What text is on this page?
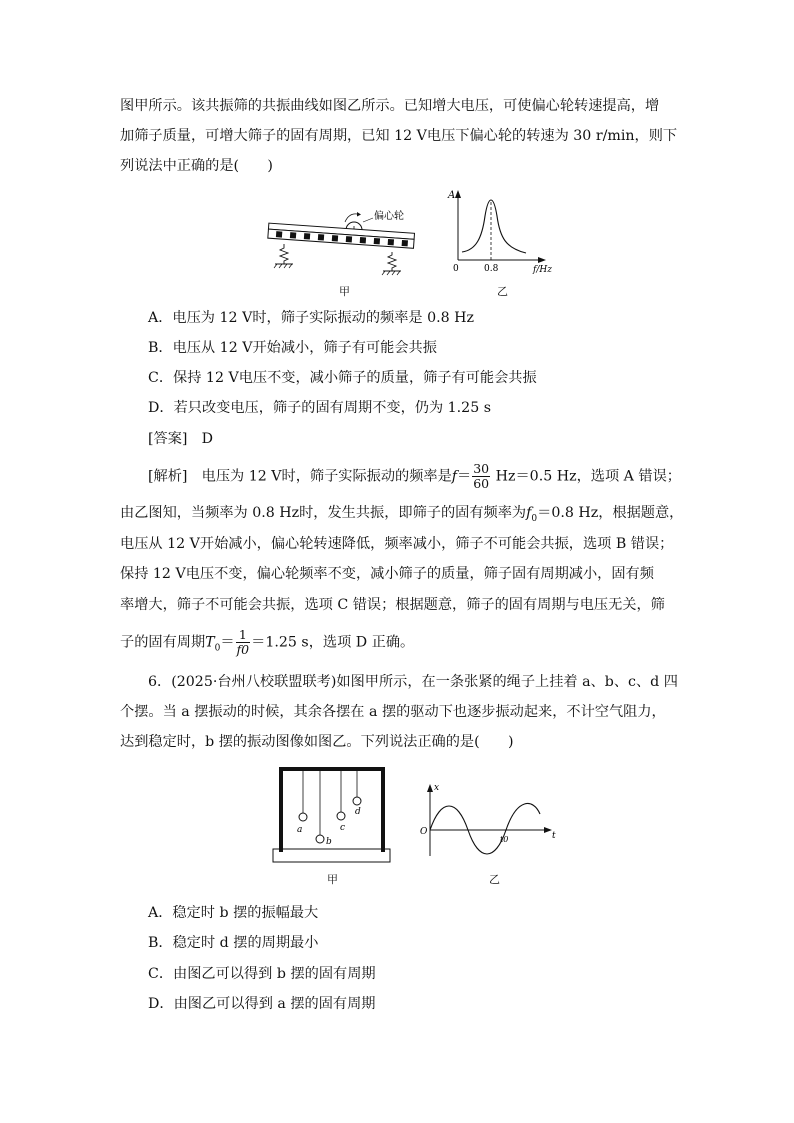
图甲所示。该共振筛的共振曲线如图乙所示。已知增大电压，可使偏心轮转速提高，增
加筛子质量，可增大筛子的固有周期，已知 12 V电压下偏心轮的转速为 30 r/min，则下
列说法中正确的是(　　)
偏心轮
甲
A
0	0.8	f/Hz
乙
A．电压为 12 V时，筛子实际振动的频率是 0.8 Hz
B．电压从 12 V开始减小，筛子有可能会共振
C．保持 12 V电压不变，减小筛子的质量，筛子有可能会共振
D．若只改变电压，筛子的固有周期不变，仍为 1.25 s
[答案]　D
[解析]　电压为 12 V时，筛子实际振动的频率是$f= \frac{30}{60} Hz=0.5$ Hz，选项 A 错误；
由乙图知，当频率为 0.8 Hz时，发生共振，即筛子的固有频率为$f_0=0.8$ Hz，根据题意，
电压从 12 V开始减小，偏心轮转速降低，频率减小，筛子不可能会共振，选项 B 错误；
保持 12 V电压不变，偏心轮频率不变，减小筛子的质量，筛子固有周期减小，固有频
率增大，筛子不可能会共振，选项 C 错误；根据题意，筛子的固有周期与电压无关，筛
子的固有周期$T_0= \frac{1}{f0} =1.25$ s，选项 D 正确。
6．(2025·台州八校联盟联考)如图甲所示，在一条张紧的绳子上挂着 a、b、c、d 四
个摆。当 a 摆振动的时候，其余各摆在 a 摆的驱动下也逐步振动起来，不计空气阻力，
达到稳定时，b 摆的振动图像如图乙。下列说法正确的是(　　)
a
b
c
d
甲
x
O
t0	t
乙
A．稳定时 b 摆的振幅最大
B．稳定时 d 摆的周期最小
C．由图乙可以得到 b 摆的固有周期
D．由图乙可以得到 a 摆的固有周期
